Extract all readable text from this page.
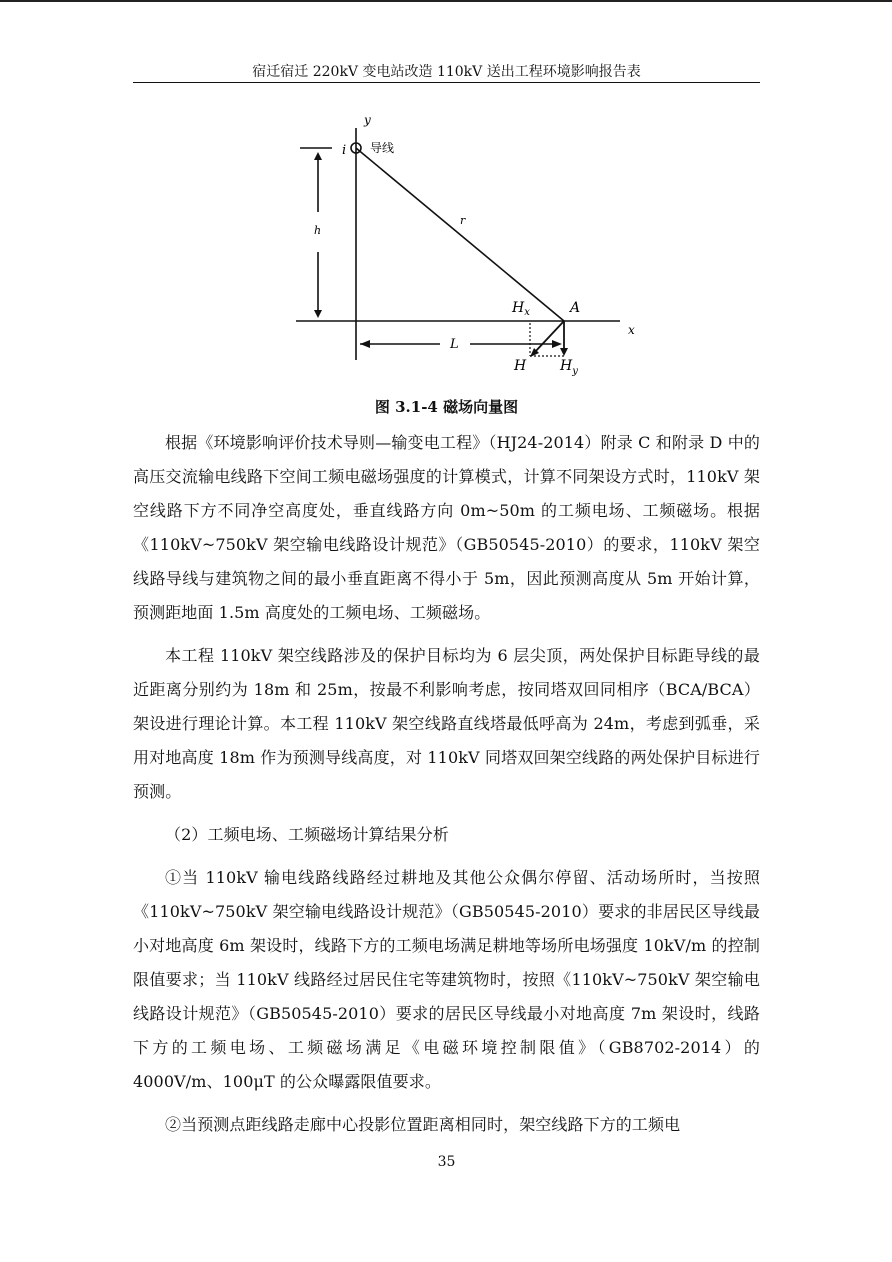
宿迁宿迁 220kV 变电站改造 110kV 送出工程环境影响报告表
y
x
i 导线
r
h
L
A
$H_x$
H $H_y$
图 3.1-4 磁场向量图

根据《环境影响评价技术导则—输变电工程》（HJ24-2014）附录 C 和附录 D 中的高压交流输电线路下空间工频电磁场强度的计算模式，计算不同架设方式时，110kV 架空线路下方不同净空高度处，垂直线路方向 0m~50m 的工频电场、工频磁场。根据《110kV~750kV 架空输电线路设计规范》（GB50545-2010）的要求，110kV 架空线路导线与建筑物之间的最小垂直距离不得小于 5m，因此预测高度从 5m 开始计算，预测距地面 1.5m 高度处的工频电场、工频磁场。

本工程 110kV 架空线路涉及的保护目标均为 6 层尖顶，两处保护目标距导线的最近距离分别约为 18m 和 25m，按最不利影响考虑，按同塔双回同相序（BCA/BCA）架设进行理论计算。本工程 110kV 架空线路直线塔最低呼高为 24m，考虑到弧垂，采用对地高度 18m 作为预测导线高度，对 110kV 同塔双回架空线路的两处保护目标进行预测。

（2）工频电场、工频磁场计算结果分析

①当 110kV 输电线路线路经过耕地及其他公众偶尔停留、活动场所时，当按照《110kV~750kV 架空输电线路设计规范》（GB50545-2010）要求的非居民区导线最小对地高度 6m 架设时，线路下方的工频电场满足耕地等场所电场强度 10kV/m 的控制限值要求；当 110kV 线路经过居民住宅等建筑物时，按照《110kV~750kV 架空输电线路设计规范》（GB50545-2010）要求的居民区导线最小对地高度 7m 架设时，线路下方的工频电场、工频磁场满足《电磁环境控制限值》（GB8702-2014）的 4000V/m、100μT 的公众曝露限值要求。

②当预测点距线路走廊中心投影位置距离相同时，架空线路下方的工频电

35
